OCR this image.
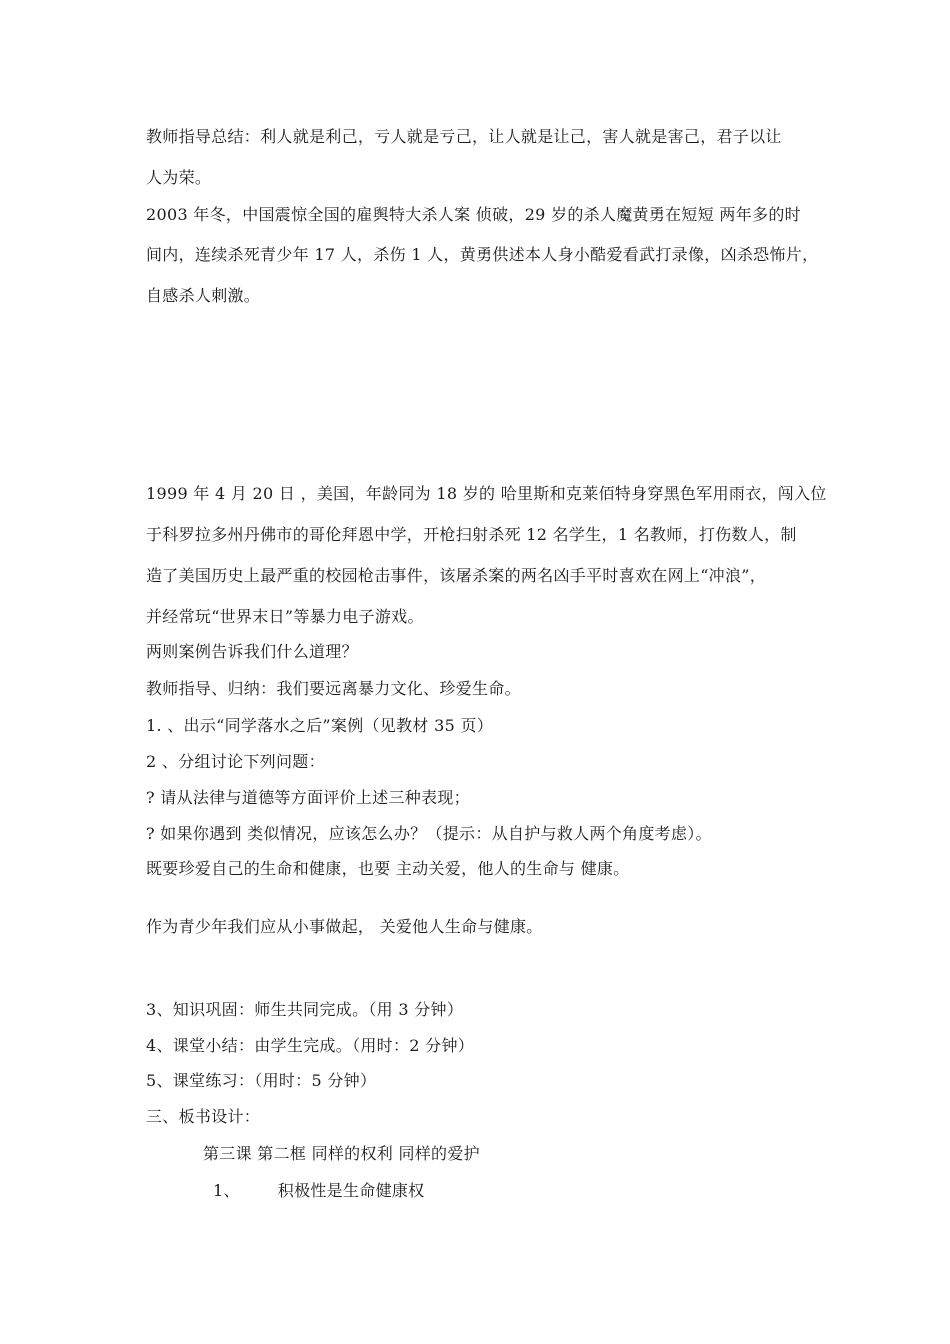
教师指导总结：利人就是利己，亏人就是亏己，让人就是让己，害人就是害己，君子以让
人为荣。
2003 年冬，中国震惊全国的雇舆特大杀人案 侦破，29 岁的杀人魔黄勇在短短 两年多的时
间内，连续杀死青少年 17 人，杀伤 1 人，黄勇供述本人身小酷爱看武打录像，凶杀恐怖片，
自感杀人刺激。
1999 年 4 月 20 日 ，美国，年龄同为 18 岁的 哈里斯和克莱佰特身穿黑色军用雨衣，闯入位
于科罗拉多州丹佛市的哥伦拜恩中学，开枪扫射杀死 12 名学生，1 名教师，打伤数人，制
造了美国历史上最严重的校园枪击事件，该屠杀案的两名凶手平时喜欢在网上“冲浪”，
并经常玩“世界末日”等暴力电子游戏。
两则案例告诉我们什么道理？
教师指导、归纳：我们要远离暴力文化、珍爱生命。
1. 、出示“同学落水之后”案例（见教材 35 页）
2 、分组讨论下列问题：
? 请从法律与道德等方面评价上述三种表现；
? 如果你遇到 类似情况，应该怎么办？（提示：从自护与救人两个角度考虑）。
既要珍爱自己的生命和健康，也要 主动关爱，他人的生命与 健康。
作为青少年我们应从小事做起， 关爱他人生命与健康。
3、知识巩固：师生共同完成。（用 3 分钟）
4、课堂小结：由学生完成。（用时：2 分钟）
5、课堂练习：（用时：5 分钟）
三、板书设计：
第三课 第二框 同样的权利 同样的爱护
1、 积极性是生命健康权
